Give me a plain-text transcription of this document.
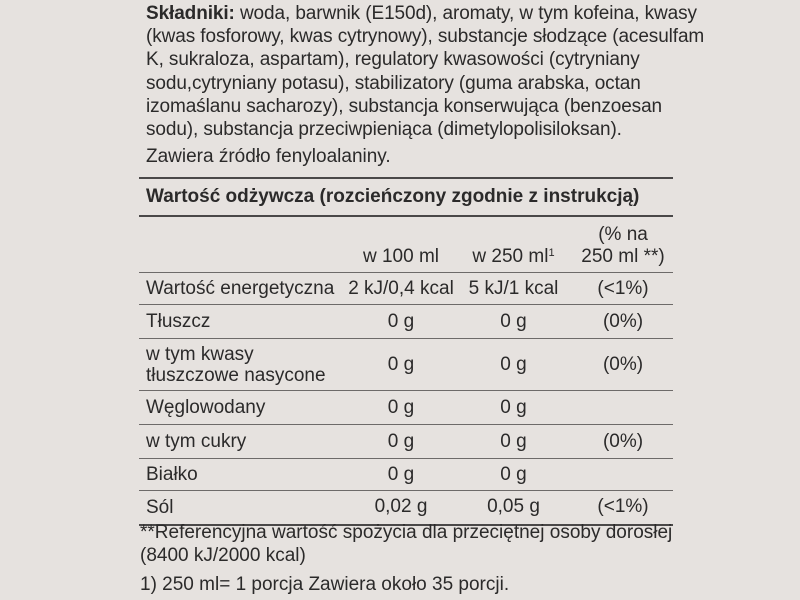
Składniki: woda, barwnik (E150d), aromaty, w tym kofeina, kwasy (kwas fosforowy, kwas cytrynowy), substancje słodzące (acesulfam K, sukraloza, aspartam), regulatory kwasowości (cytryniany sodu,cytryniany potasu), stabilizatory (guma arabska, octan izomaślanu sacharozy), substancja konserwująca (benzoesan sodu), substancja przeciwpieniąca (dimetylopolisiloksan).
Zawiera źródło fenyloalaniny.
Wartość odżywcza (rozcieńczony zgodnie z instrukcją)			
	w 100 ml	w 250 $ml^1$	(% na
250 ml **)
Wartość energetyczna	2 kJ/0,4 kcal	5 kJ/1 kcal	(<1%)
Tłuszcz	0 g	0 g	(0%)
w tym kwasy tłuszczowe nasycone	0 g	0 g	(0%)
Węglowodany	0 g	0 g	
w tym cukry	0 g	0 g	(0%)
Białko	0 g	0 g	
Sól	0,02 g	0,05 g	(<1%)
**Referencyjna wartość spożycia dla przeciętnej osoby dorosłej (8400 kJ/2000 kcal)
1) 250 ml= 1 porcja Zawiera około 35 porcji.
